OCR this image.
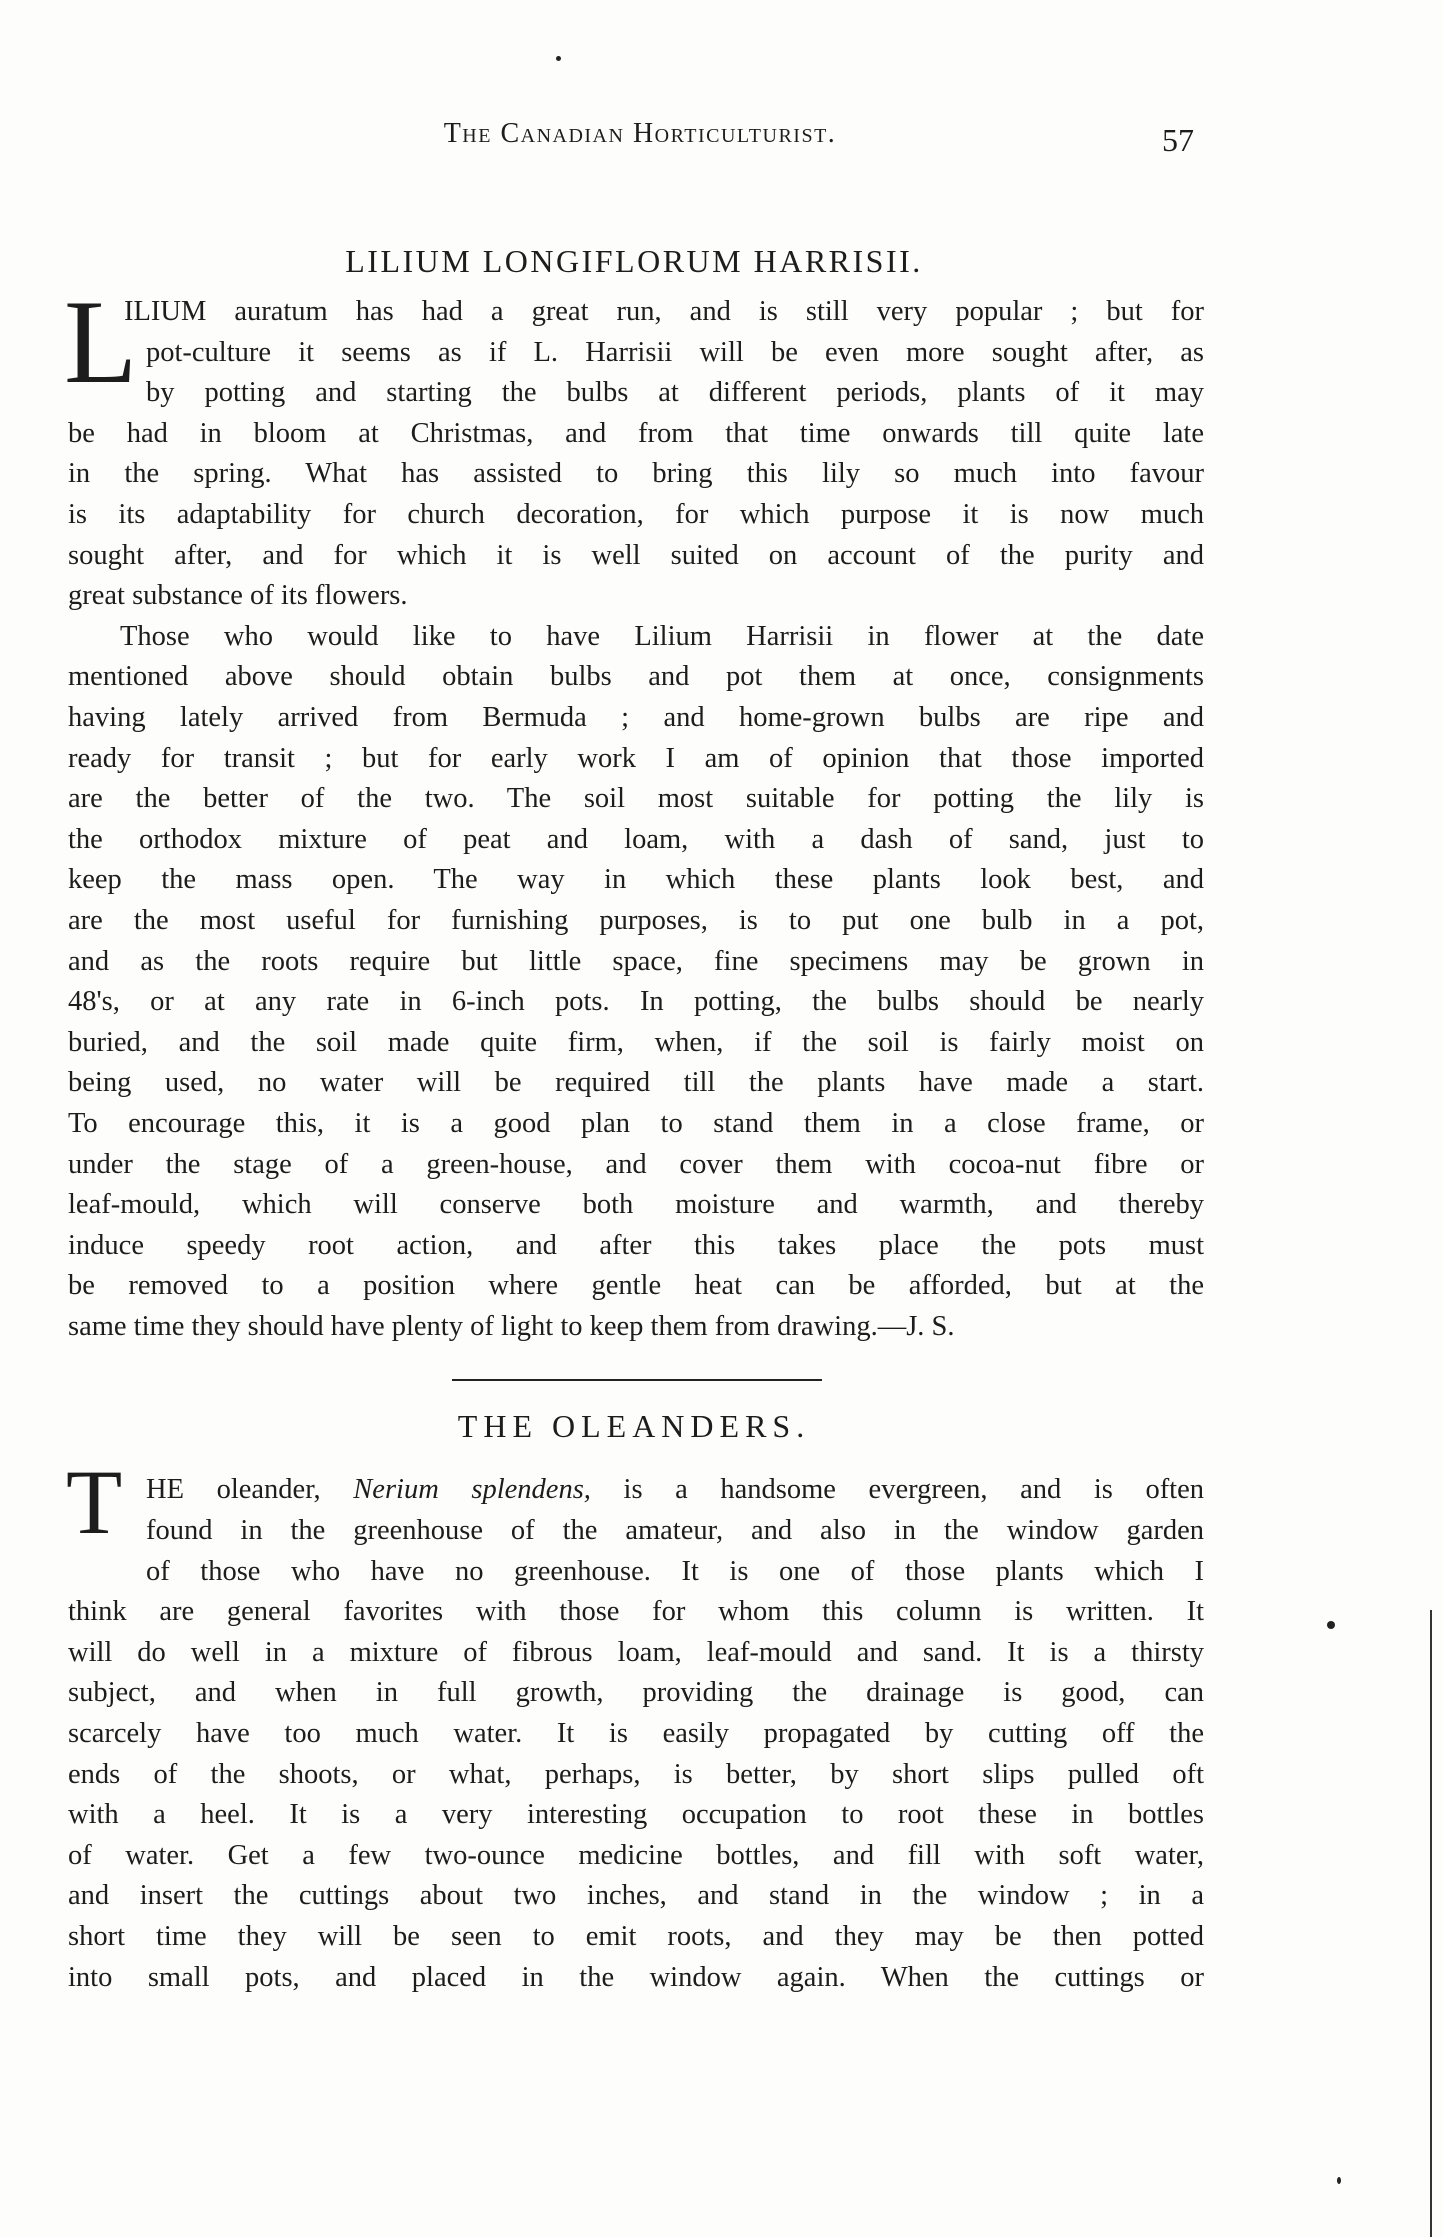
The Canadian Horticulturist.	57
LILIUM LONGIFLORUM HARRISII.
L
ILIUM auratum has had a great run, and is still very popular ; but for
pot-culture it seems as if L. Harrisii will be even more sought after, as
by potting and starting the bulbs at different periods, plants of it may
be had in bloom at Christmas, and from that time onwards till quite late
in the spring. What has assisted to bring this lily so much into favour
is its adaptability for church decoration, for which purpose it is now much
sought after, and for which it is well suited on account of the purity and
great substance of its flowers.
Those who would like to have Lilium Harrisii in flower at the date
mentioned above should obtain bulbs and pot them at once, consignments
having lately arrived from Bermuda ; and home-grown bulbs are ripe and
ready for transit ; but for early work I am of opinion that those imported
are the better of the two. The soil most suitable for potting the lily is
the orthodox mixture of peat and loam, with a dash of sand, just to
keep the mass open. The way in which these plants look best, and
are the most useful for furnishing purposes, is to put one bulb in a pot,
and as the roots require but little space, fine specimens may be grown in
48's, or at any rate in 6-inch pots. In potting, the bulbs should be nearly
buried, and the soil made quite firm, when, if the soil is fairly moist on
being used, no water will be required till the plants have made a start.
To encourage this, it is a good plan to stand them in a close frame, or
under the stage of a green-house, and cover them with cocoa-nut fibre or
leaf-mould, which will conserve both moisture and warmth, and thereby
induce speedy root action, and after this takes place the pots must
be removed to a position where gentle heat can be afforded, but at the
same time they should have plenty of light to keep them from drawing.—J. S.
THE OLEANDERS.
T HE oleander, Nerium splendens, is a handsome evergreen, and is often
found in the greenhouse of the amateur, and also in the window garden
of those who have no greenhouse. It is one of those plants which I
think are general favorites with those for whom this column is written. It
will do well in a mixture of fibrous loam, leaf-mould and sand. It is a thirsty
subject, and when in full growth, providing the drainage is good, can
scarcely have too much water. It is easily propagated by cutting off the
ends of the shoots, or what, perhaps, is better, by short slips pulled oft
with a heel. It is a very interesting occupation to root these in bottles
of water. Get a few two-ounce medicine bottles, and fill with soft water,
and insert the cuttings about two inches, and stand in the window ; in a
short time they will be seen to emit roots, and they may be then potted
into small pots, and placed in the window again. When the cuttings or
